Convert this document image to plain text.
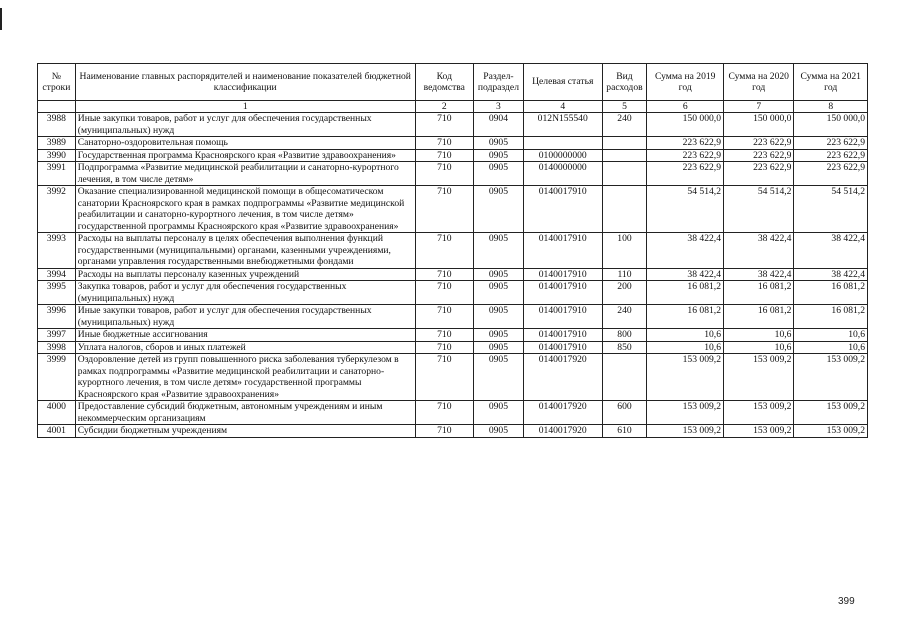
№ строки	Наименование главных распорядителей и наименование показателей бюджетной классификации	Код ведомства	Раздел-подраздел	Целевая статья	Вид расходов	Сумма на 2019 год	Сумма на 2020 год	Сумма на 2021 год
	1	2	3	4	5	6	7	8
3988	Иные закупки товаров, работ и услуг для обеспечения государственных (муниципальных) нужд	710	0904	012N155540	240	150 000,0	150 000,0	150 000,0
3989	Санаторно-оздоровительная помощь	710	0905			223 622,9	223 622,9	223 622,9
3990	Государственная программа Красноярского края «Развитие здравоохранения»	710	0905	0100000000		223 622,9	223 622,9	223 622,9
3991	Подпрограмма «Развитие медицинской реабилитации и санаторно-курортного лечения, в том числе детям»	710	0905	0140000000		223 622,9	223 622,9	223 622,9
3992	Оказание специализированной медицинской помощи в общесоматическом санатории Красноярского края в рамках подпрограммы «Развитие медицинской реабилитации и санаторно-курортного лечения, в том числе детям» государственной программы Красноярского края «Развитие здравоохранения»	710	0905	0140017910		54 514,2	54 514,2	54 514,2
3993	Расходы на выплаты персоналу в целях обеспечения выполнения функций государственными (муниципальными) органами, казенными учреждениями, органами управления государственными внебюджетными фондами	710	0905	0140017910	100	38 422,4	38 422,4	38 422,4
3994	Расходы на выплаты персоналу казенных учреждений	710	0905	0140017910	110	38 422,4	38 422,4	38 422,4
3995	Закупка товаров, работ и услуг для обеспечения государственных (муниципальных) нужд	710	0905	0140017910	200	16 081,2	16 081,2	16 081,2
3996	Иные закупки товаров, работ и услуг для обеспечения государственных (муниципальных) нужд	710	0905	0140017910	240	16 081,2	16 081,2	16 081,2
3997	Иные бюджетные ассигнования	710	0905	0140017910	800	10,6	10,6	10,6
3998	Уплата налогов, сборов и иных платежей	710	0905	0140017910	850	10,6	10,6	10,6
3999	Оздоровление детей из групп повышенного риска заболевания туберкулезом в рамках подпрограммы «Развитие медицинской реабилитации и санаторно-курортного лечения, в том числе детям» государственной программы Красноярского края «Развитие здравоохранения»	710	0905	0140017920		153 009,2	153 009,2	153 009,2
4000	Предоставление субсидий бюджетным, автономным учреждениям и иным некоммерческим организациям	710	0905	0140017920	600	153 009,2	153 009,2	153 009,2
4001	Субсидии бюджетным учреждениям	710	0905	0140017920	610	153 009,2	153 009,2	153 009,2
399
